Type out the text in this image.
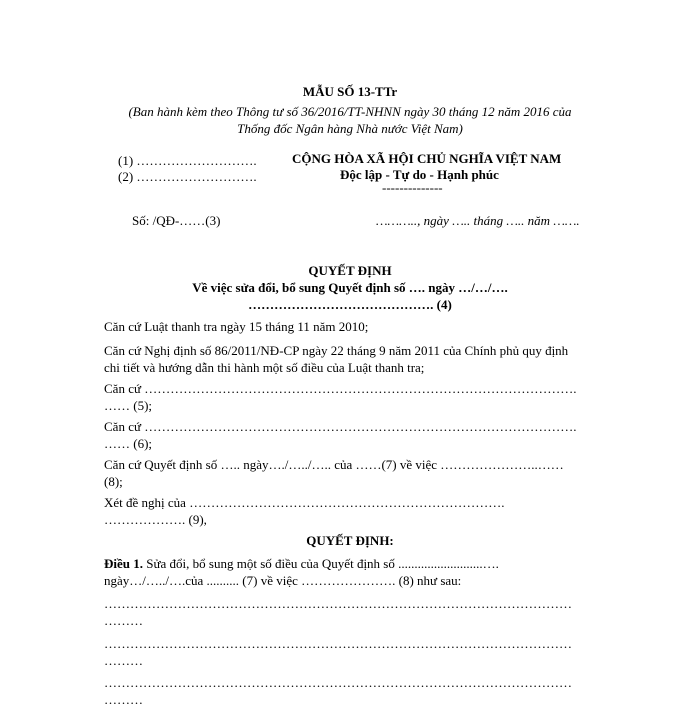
MẪU SỐ 13-TTr
(Ban hành kèm theo Thông tư số 36/2016/TT-NHNN ngày 30 tháng 12 năm 2016 của
Thống đốc Ngân hàng Nhà nước Việt Nam)
(1) ……………………….
(2) ……………………….
CỘNG HÒA XÃ HỘI CHỦ NGHĨA VIỆT NAM
Độc lập - Tự do - Hạnh phúc
--------------
Số: /QĐ-……(3)	……….., ngày ….. tháng ….. năm …….
QUYẾT ĐỊNH
Về việc sửa đổi, bổ sung Quyết định số …. ngày …/…/….
……………………………………. (4)
Căn cứ Luật thanh tra ngày 15 tháng 11 năm 2010;
Căn cứ Nghị định số 86/2011/NĐ-CP ngày 22 tháng 9 năm 2011 của Chính phủ quy định
chi tiết và hướng dẫn thi hành một số điều của Luật thanh tra;
Căn cứ ……………………………………………………………………………………….
…… (5);
Căn cứ ……………………………………………………………………………………….
…… (6);
Căn cứ Quyết định số ….. ngày…./…../….. của ……(7) về việc …………………..……
(8);
Xét đề nghị của ……………………………………………………………….
………………. (9),
QUYẾT ĐỊNH:
Điều 1. Sửa đổi, bổ sung một số điều của Quyết định số ..........................….
ngày…/…../….của .......... (7) về việc …………………. (8) như sau:
………………………………………………………………………………………………
………
………………………………………………………………………………………………
………
………………………………………………………………………………………………
………
